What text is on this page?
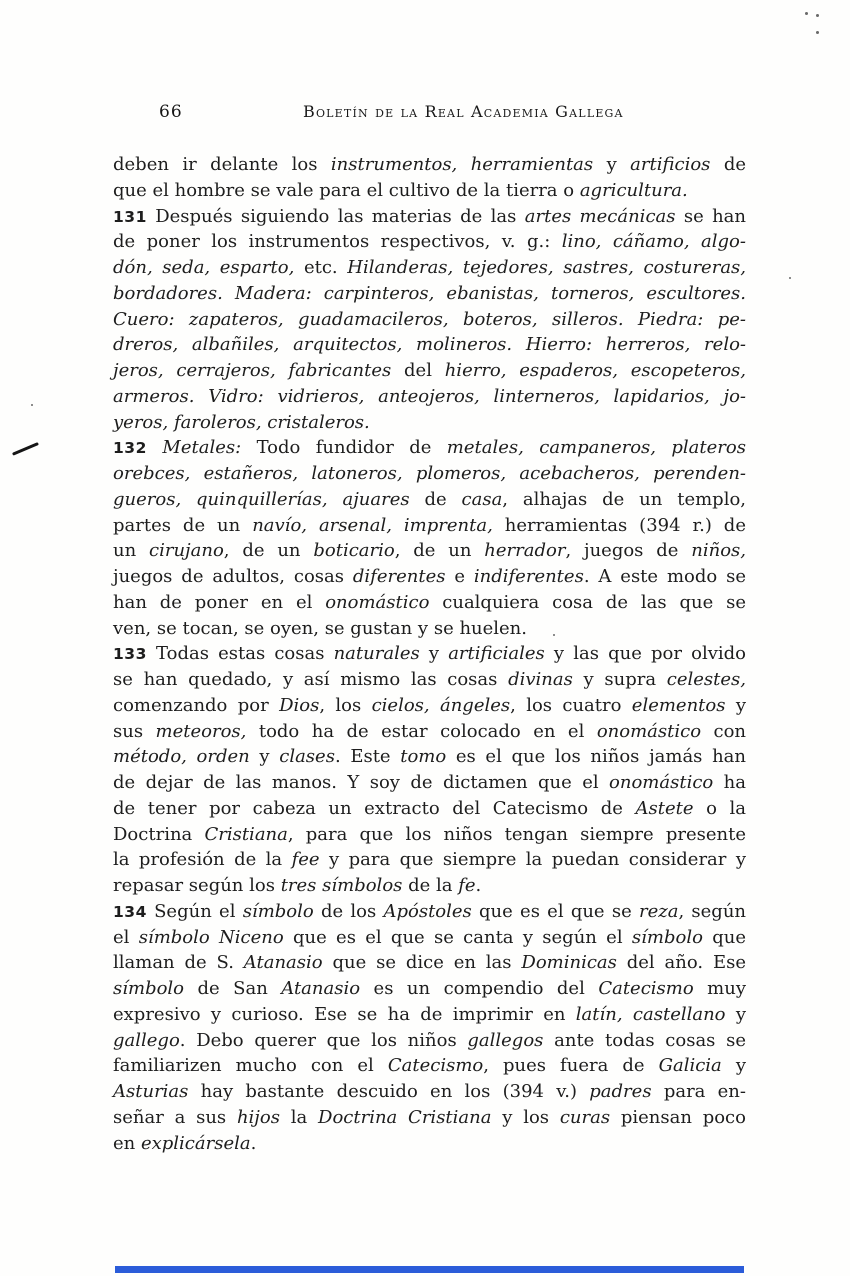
66	Boletín de la Real Academia Gallega
deben ir delante los instrumentos, herramientas y artificios de
que el hombre se vale para el cultivo de la tierra o agricultura.
131 Después siguiendo las materias de las artes mecánicas se han
de poner los instrumentos respectivos, v. g.: lino, cáñamo, algo-
dón, seda, esparto, etc. Hilanderas, tejedores, sastres, costureras,
bordadores. Madera: carpinteros, ebanistas, torneros, escultores.
Cuero: zapateros, guadamacileros, boteros, silleros. Piedra: pe-
dreros, albañiles, arquitectos, molineros. Hierro: herreros, relo-
jeros, cerrajeros, fabricantes del hierro, espaderos, escopeteros,
armeros. Vidro: vidrieros, anteojeros, linterneros, lapidarios, jo-
yeros, faroleros, cristaleros.
132 Metales: Todo fundidor de metales, campaneros, plateros
orebces, estañeros, latoneros, plomeros, acebacheros, perenden-
gueros, quinquillerías, ajuares de casa, alhajas de un templo,
partes de un navío, arsenal, imprenta, herramientas (394 r.) de
un cirujano, de un boticario, de un herrador, juegos de niños,
juegos de adultos, cosas diferentes e indiferentes. A este modo se
han de poner en el onomástico cualquiera cosa de las que se
ven, se tocan, se oyen, se gustan y se huelen.
133 Todas estas cosas naturales y artificiales y las que por olvido
se han quedado, y así mismo las cosas divinas y supra celestes,
comenzando por Dios, los cielos, ángeles, los cuatro elementos y
sus meteoros, todo ha de estar colocado en el onomástico con
método, orden y clases. Este tomo es el que los niños jamás han
de dejar de las manos. Y soy de dictamen que el onomástico ha
de tener por cabeza un extracto del Catecismo de Astete o la
Doctrina Cristiana, para que los niños tengan siempre presente
la profesión de la fee y para que siempre la puedan considerar y
repasar según los tres símbolos de la fe.
134 Según el símbolo de los Apóstoles que es el que se reza, según
el símbolo Niceno que es el que se canta y según el símbolo que
llaman de S. Atanasio que se dice en las Dominicas del año. Ese
símbolo de San Atanasio es un compendio del Catecismo muy
expresivo y curioso. Ese se ha de imprimir en latín, castellano y
gallego. Debo querer que los niños gallegos ante todas cosas se
familiarizen mucho con el Catecismo, pues fuera de Galicia y
Asturias hay bastante descuido en los (394 v.) padres para en-
señar a sus hijos la Doctrina Cristiana y los curas piensan poco
en explicársela.
